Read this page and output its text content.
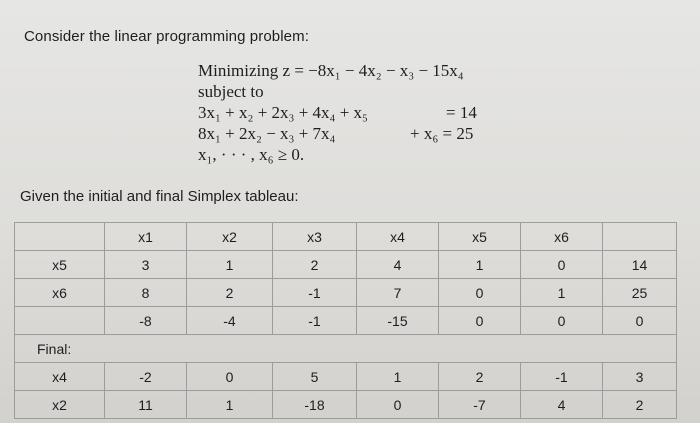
Consider the linear programming problem:
Minimizing z = −8x₁ − 4x₂ − x₃ − 15x₄
subject to
3x₁ + x₂ + 2x₃ + 4x₄ + x₅	= 14
8x₁ + 2x₂ − x₃ + 7x₄	+ x₆ = 25
x₁, · · · , x₆ ≥ 0.
Given the initial and final Simplex tableau:
	x1	x2	x3	x4	x5	x6	
x5	3	1	2	4	1	0	14
x6	8	2	-1	7	0	1	25
	-8	-4	-1	-15	0	0	0
Final:							
x4	-2	0	5	1	2	-1	3
x2	11	1	-18	0	-7	4	2
